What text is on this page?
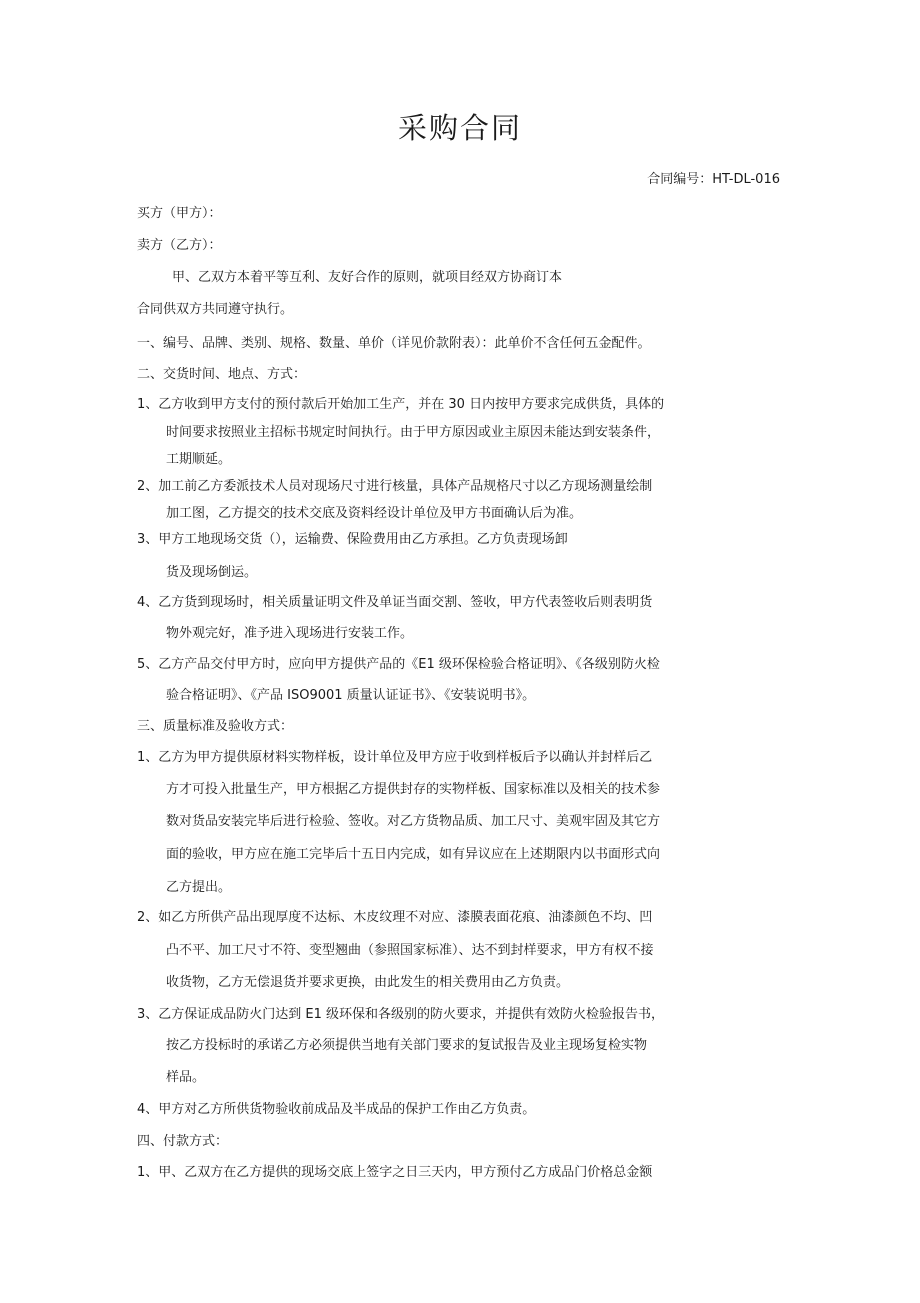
采购合同

合同编号：HT-DL-016

买方（甲方）：

卖方（乙方）：

甲、乙双方本着平等互利、友好合作的原则，就项目经双方协商订本

合同供双方共同遵守执行。

一、编号、品牌、类别、规格、数量、单价（详见价款附表）：此单价不含任何五金配件。

二、交货时间、地点、方式：

1、乙方收到甲方支付的预付款后开始加工生产，并在 30 日内按甲方要求完成供货，具体的

时间要求按照业主招标书规定时间执行。由于甲方原因或业主原因未能达到安装条件，

工期顺延。

2、加工前乙方委派技术人员对现场尺寸进行核量，具体产品规格尺寸以乙方现场测量绘制

加工图，乙方提交的技术交底及资料经设计单位及甲方书面确认后为准。

3、甲方工地现场交货（），运输费、保险费用由乙方承担。乙方负责现场卸

货及现场倒运。

4、乙方货到现场时，相关质量证明文件及单证当面交割、签收，甲方代表签收后则表明货

物外观完好，准予进入现场进行安装工作。

5、乙方产品交付甲方时，应向甲方提供产品的《E1 级环保检验合格证明》、《各级别防火检

验合格证明》、《产品 ISO9001 质量认证证书》、《安装说明书》。

三、质量标准及验收方式：

1、乙方为甲方提供原材料实物样板，设计单位及甲方应于收到样板后予以确认并封样后乙

方才可投入批量生产，甲方根据乙方提供封存的实物样板、国家标准以及相关的技术参

数对货品安装完毕后进行检验、签收。对乙方货物品质、加工尺寸、美观牢固及其它方

面的验收，甲方应在施工完毕后十五日内完成，如有异议应在上述期限内以书面形式向

乙方提出。

2、如乙方所供产品出现厚度不达标、木皮纹理不对应、漆膜表面花痕、油漆颜色不均、凹

凸不平、加工尺寸不符、变型翘曲（参照国家标准）、达不到封样要求，甲方有权不接

收货物，乙方无偿退货并要求更换，由此发生的相关费用由乙方负责。

3、乙方保证成品防火门达到 E1 级环保和各级别的防火要求，并提供有效防火检验报告书，

按乙方投标时的承诺乙方必须提供当地有关部门要求的复试报告及业主现场复检实物

样品。

4、甲方对乙方所供货物验收前成品及半成品的保护工作由乙方负责。

四、付款方式：

1、甲、乙双方在乙方提供的现场交底上签字之日三天内，甲方预付乙方成品门价格总金额
